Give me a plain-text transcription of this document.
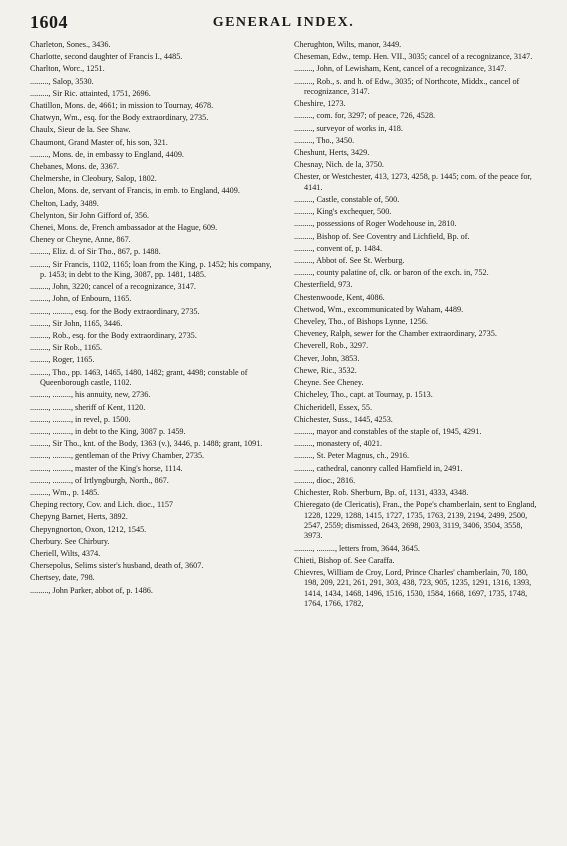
1604	GENERAL INDEX.

Charleton, Sones., 3436.

Charlotte, second daughter of Francis I., 4485.

Charlton, Worc., 1251.

........., Salop, 3530.

........., Sir Ric. attainted, 1751, 2696.

Chatillon, Mons. de, 4661; in mission to Tournay, 4678.

Chatwyn, Wm., esq. for the Body extraordinary, 2735.

Chaulx, Sieur de la. See Shaw.

Chaumont, Grand Master of, his son, 321.

........., Mons. de, in embassy to England, 4409.

Chebanes, Mons. de, 3367.

Chelmershe, in Cleobury, Salop, 1802.

Chelon, Mons. de, servant of Francis, in emb. to England, 4409.

Chelton, Lady, 3489.

Chelynton, Sir John Gifford of, 356.

Chenei, Mons. de, French ambassador at the Hague, 609.

Cheney or Cheyne, Anne, 867.

........., Eliz. d. of Sir Tho., 867, p. 1488.

........., Sir Francis, 1102, 1165; loan from the King, p. 1452; his company, p. 1453; in debt to the King, 3087, pp. 1481, 1485.

........., John, 3220; cancel of a recognizance, 3147.

........., John, of Enbourn, 1165.

........., ........., esq. for the Body extraordinary, 2735.

........., Sir John, 1165, 3446.

........., Rob., esq. for the Body extraordinary, 2735.

........., Sir Rob., 1165.

........., Roger, 1165.

........., Tho., pp. 1463, 1465, 1480, 1482; grant, 4498; constable of Queenborough castle, 1102.

........., ........., his annuity, new, 2736.

........., ........., sheriff of Kent, 1120.

........., ........., in revel, p. 1500.

........., ........., in debt to the King, 3087 p. 1459.

........., Sir Tho., knt. of the Body, 1363 (v.), 3446, p. 1488; grant, 1091.

........., ........., gentleman of the Privy Chamber, 2735.

........., ........., master of the King's horse, 1114.

........., ........., of Irtlyngburgh, North., 867.

........., Wm., p. 1485.

Cheping rectory, Cov. and Lich. dioc., 1157

Chepyng Barnet, Herts, 3892.

Chepyngnorton, Oxon, 1212, 1545.

Cherbury. See Chirbury.

Cheriell, Wilts, 4374.

Chersepolus, Selims sister's husband, death of, 3607.

Chertsey, date, 798.

........., John Parker, abbot of, p. 1486.

Cherughton, Wilts, manor, 3449.

Cheseman, Edw., temp. Hen. VII., 3035; cancel of a recognizance, 3147.

........., John, of Lewisham, Kent, cancel of a recognizance, 3147.

........., Rob., s. and h. of Edw., 3035; of Northcote, Middx., cancel of recognizance, 3147.

Cheshire, 1273.

........., com. for, 3297; of peace, 726, 4528.

........., surveyor of works in, 418.

........., Tho., 3450.

Cheshunt, Herts, 3429.

Chesnay, Nich. de la, 3750.

Chester, or Westchester, 413, 1273, 4258, p. 1445; com. of the peace for, 4141.

........., Castle, constable of, 500.

........., King's exchequer, 500.

........., possessions of Roger Wodehouse in, 2810.

........., Bishop of. See Coventry and Lichfield, Bp. of.

........., convent of, p. 1484.

........., Abbot of. See St. Werburg.

........., county palatine of, clk. or baron of the exch. in, 752.

Chesterfield, 973.

Chestenwoode, Kent, 4086.

Chetwod, Wm., excommunicated by Waham, 4489.

Cheveley, Tho., of Bishops Lynne, 1256.

Cheveney, Ralph, sewer for the Chamber extraordinary, 2735.

Cheverell, Rob., 3297.

Chever, John, 3853.

Chewe, Ric., 3532.

Cheyne. See Cheney.

Chicheley, Tho., capt. at Tournay, p. 1513.

Chicheridell, Essex, 55.

Chichester, Suss., 1445, 4253.

........., mayor and constables of the staple of, 1945, 4291.

........., monastery of, 4021.

........., St. Peter Magnus, ch., 2916.

........., cathedral, canonry called Hamfield in, 2491.

........., dioc., 2816.

Chichester, Rob. Sherburn, Bp. of, 1131, 4333, 4348.

Chieregato (de Clericatis), Fran., the Pope's chamberlain, sent to England, 1228, 1229, 1288, 1415, 1727, 1735, 1763, 2139, 2194, 2499, 2500, 2547, 2559; dismissed, 2643, 2698, 2903, 3119, 3406, 3504, 3558, 3973.

........., ........., letters from, 3644, 3645.

Chieti, Bishop of. See Caraffa.

Chievres, William de Croy, Lord, Prince Charles' chamberlain, 70, 180, 198, 209, 221, 261, 291, 303, 438, 723, 905, 1235, 1291, 1316, 1393, 1414, 1434, 1468, 1496, 1516, 1530, 1584, 1668, 1697, 1735, 1748, 1764, 1766, 1782,
